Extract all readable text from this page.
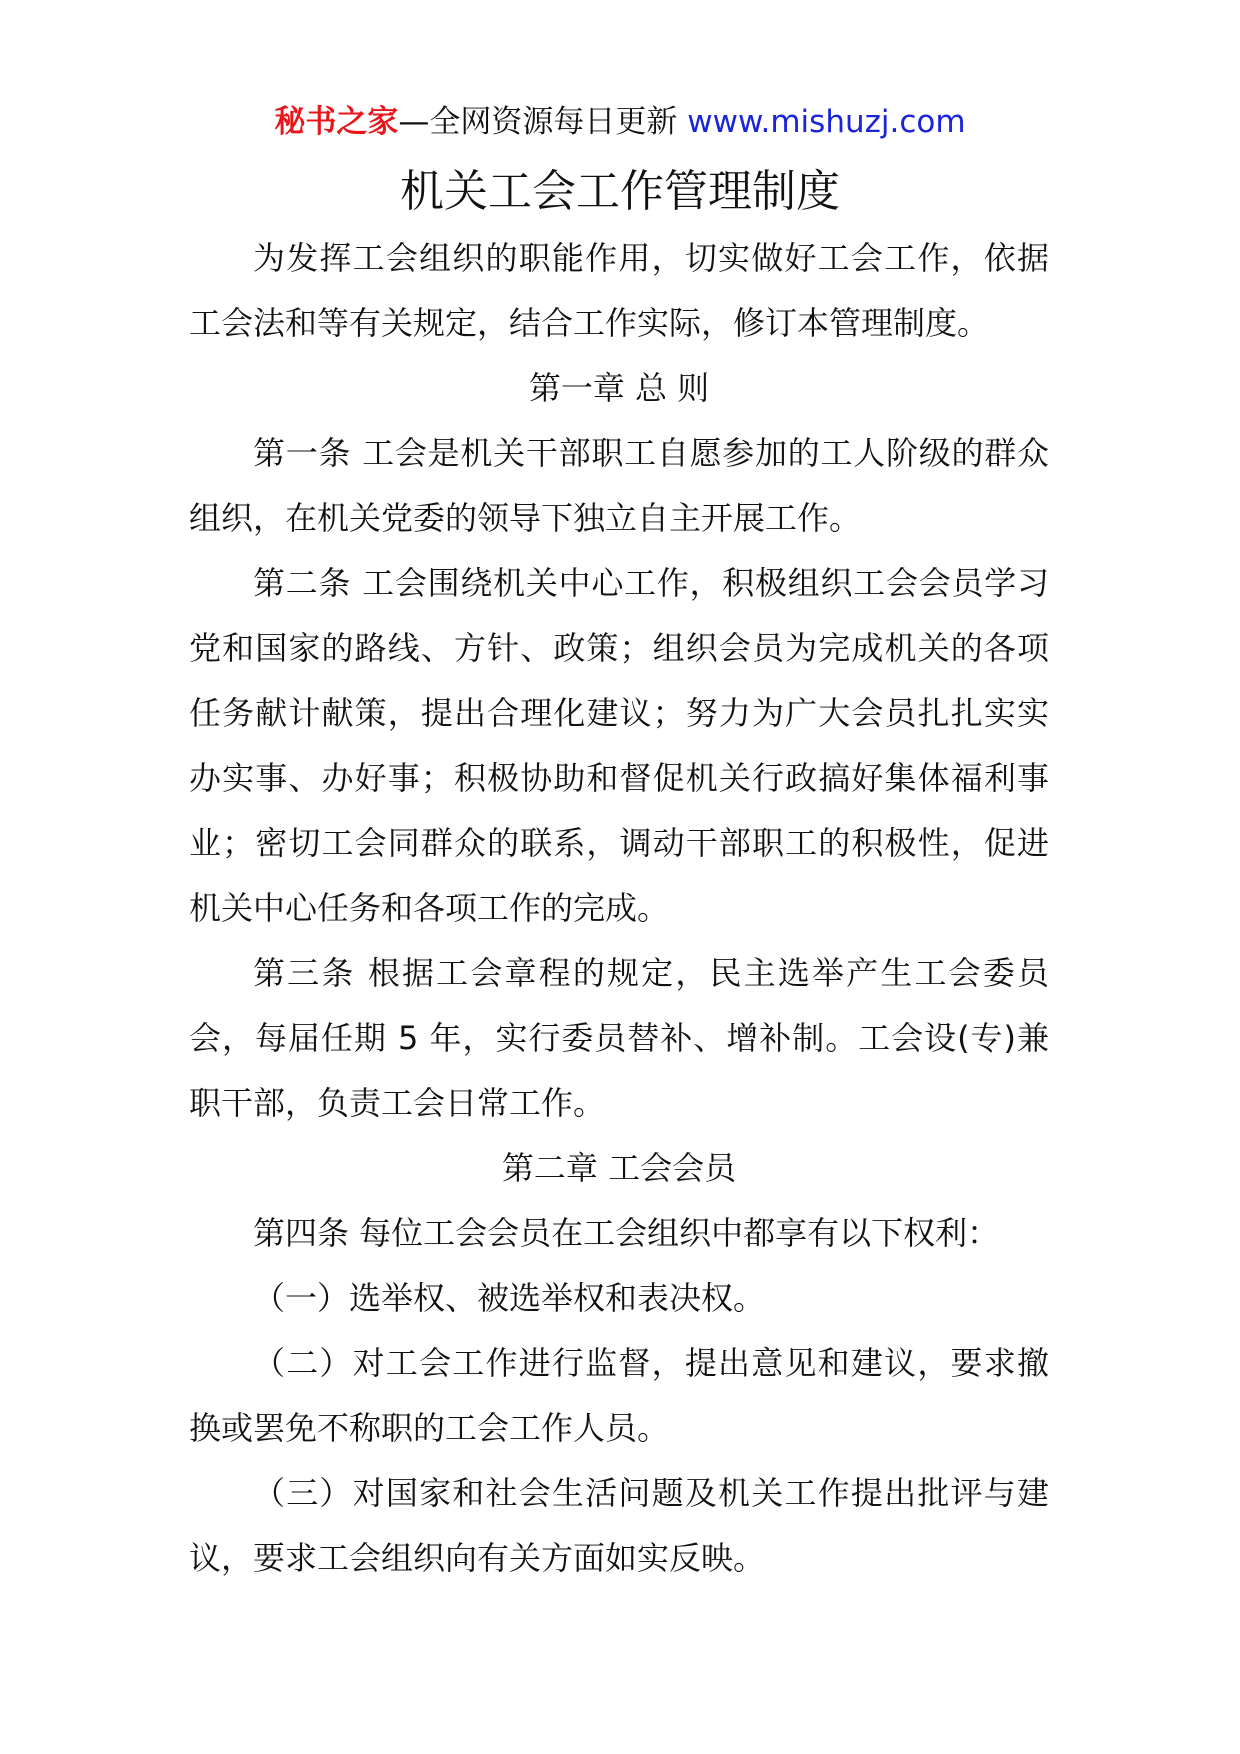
秘书之家—全网资源每日更新 www.mishuzj.com
机关工会工作管理制度

为发挥工会组织的职能作用，切实做好工会工作，依据工会法和等有关规定，结合工作实际，修订本管理制度。

第一章 总 则

第一条 工会是机关干部职工自愿参加的工人阶级的群众组织，在机关党委的领导下独立自主开展工作。

第二条 工会围绕机关中心工作，积极组织工会会员学习党和国家的路线、方针、政策；组织会员为完成机关的各项任务献计献策，提出合理化建议；努力为广大会员扎扎实实办实事、办好事；积极协助和督促机关行政搞好集体福利事业；密切工会同群众的联系，调动干部职工的积极性，促进机关中心任务和各项工作的完成。

第三条 根据工会章程的规定，民主选举产生工会委员会，每届任期 5 年，实行委员替补、增补制。工会设(专)兼职干部，负责工会日常工作。

第二章 工会会员

第四条 每位工会会员在工会组织中都享有以下权利：

（一）选举权、被选举权和表决权。

（二）对工会工作进行监督，提出意见和建议，要求撤换或罢免不称职的工会工作人员。

（三）对国家和社会生活问题及机关工作提出批评与建议，要求工会组织向有关方面如实反映。
